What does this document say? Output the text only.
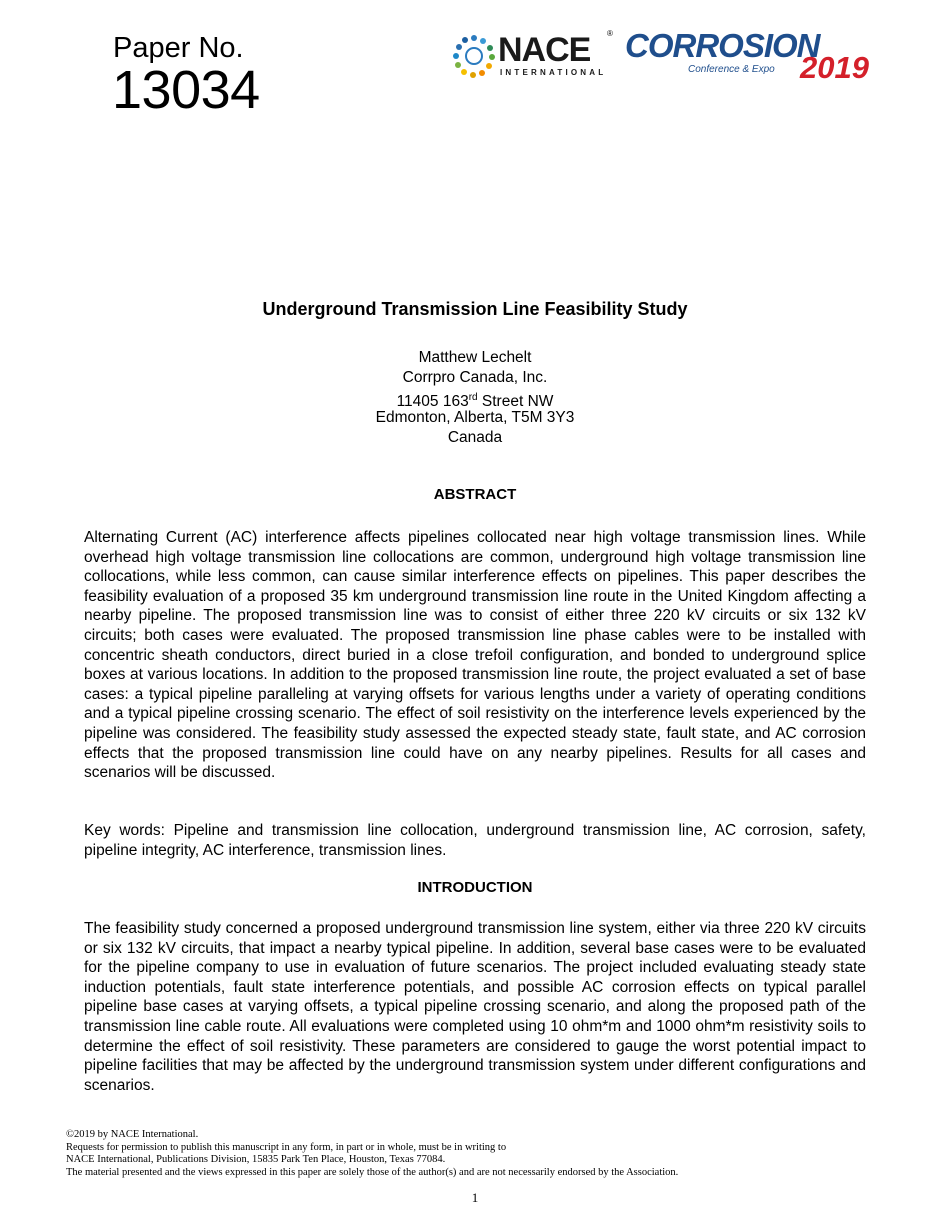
Paper No.
13034
NACE ®
INTERNATIONAL
CORROSION
Conference & Expo 2019
Underground Transmission Line Feasibility Study
Matthew Lechelt
Corrpro Canada, Inc.
11405 163rd Street NW
Edmonton, Alberta, T5M 3Y3
Canada
ABSTRACT
Alternating Current (AC) interference affects pipelines collocated near high voltage transmission lines. While overhead high voltage transmission line collocations are common, underground high voltage transmission line collocations, while less common, can cause similar interference effects on pipelines. This paper describes the feasibility evaluation of a proposed 35 km underground transmission line route in the United Kingdom affecting a nearby pipeline. The proposed transmission line was to consist of either three 220 kV circuits or six 132 kV circuits; both cases were evaluated. The proposed transmission line phase cables were to be installed with concentric sheath conductors, direct buried in a close trefoil configuration, and bonded to underground splice boxes at various locations. In addition to the proposed transmission line route, the project evaluated a set of base cases: a typical pipeline paralleling at varying offsets for various lengths under a variety of operating conditions and a typical pipeline crossing scenario. The effect of soil resistivity on the interference levels experienced by the pipeline was considered. The feasibility study assessed the expected steady state, fault state, and AC corrosion effects that the proposed transmission line could have on any nearby pipelines. Results for all cases and scenarios will be discussed.
Key words: Pipeline and transmission line collocation, underground transmission line, AC corrosion, safety, pipeline integrity, AC interference, transmission lines.
INTRODUCTION
The feasibility study concerned a proposed underground transmission line system, either via three 220 kV circuits or six 132 kV circuits, that impact a nearby typical pipeline. In addition, several base cases were to be evaluated for the pipeline company to use in evaluation of future scenarios. The project included evaluating steady state induction potentials, fault state interference potentials, and possible AC corrosion effects on typical parallel pipeline base cases at varying offsets, a typical pipeline crossing scenario, and along the proposed path of the transmission line cable route. All evaluations were completed using 10 ohm*m and 1000 ohm*m resistivity soils to determine the effect of soil resistivity. These parameters are considered to gauge the worst potential impact to pipeline facilities that may be affected by the underground transmission system under different configurations and scenarios.
©2019 by NACE International.
Requests for permission to publish this manuscript in any form, in part or in whole, must be in writing to
NACE International, Publications Division, 15835 Park Ten Place, Houston, Texas 77084.
The material presented and the views expressed in this paper are solely those of the author(s) and are not necessarily endorsed by the Association.
1
